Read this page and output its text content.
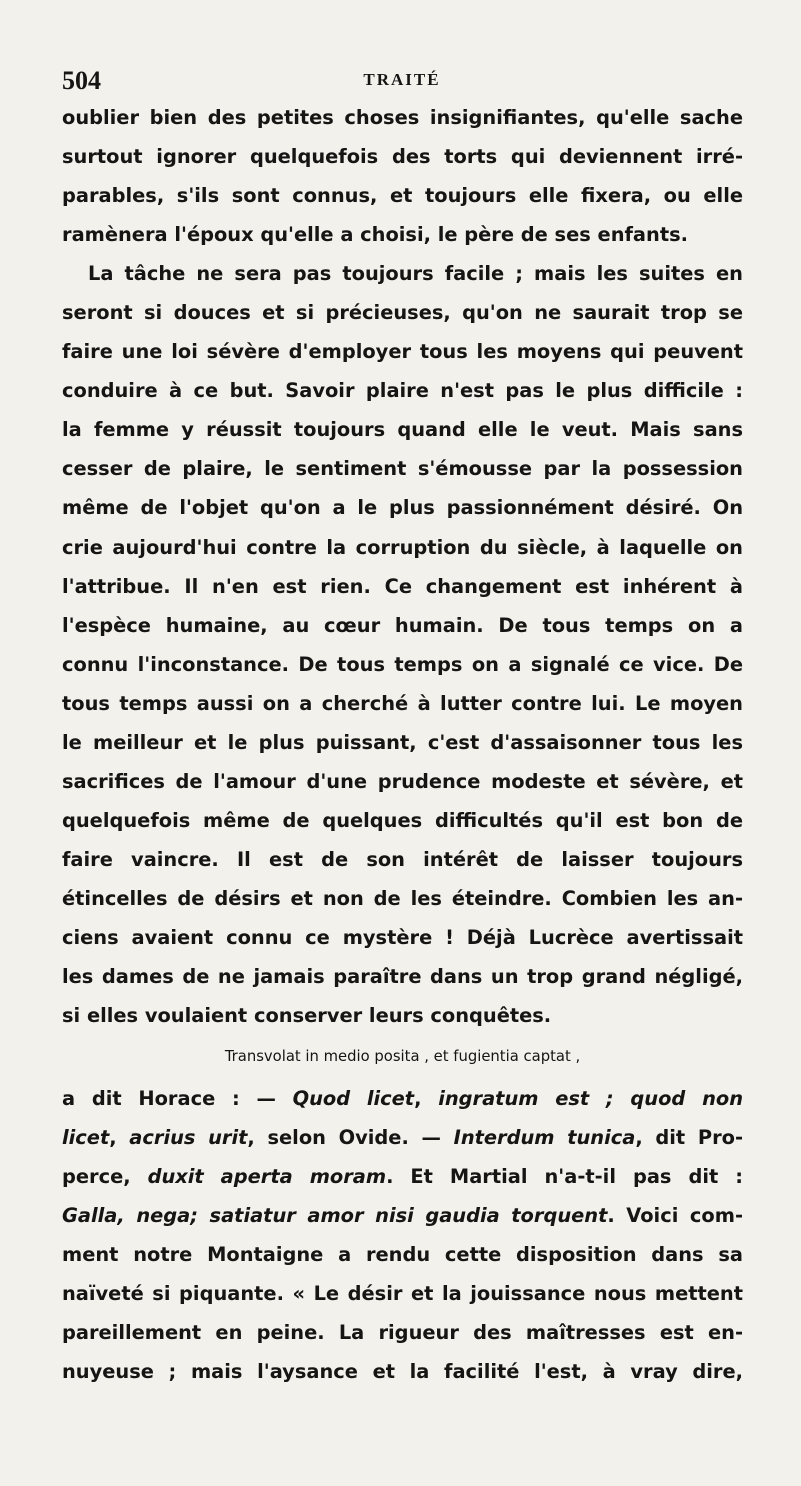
504	TRAITÉ
oublier bien des petites choses insignifiantes, qu'elle sache
surtout ignorer quelquefois des torts qui deviennent irré-
parables, s'ils sont connus, et toujours elle fixera, ou elle
ramènera l'époux qu'elle a choisi, le père de ses enfants.
La tâche ne sera pas toujours facile ; mais les suites en
seront si douces et si précieuses, qu'on ne saurait trop se
faire une loi sévère d'employer tous les moyens qui peuvent
conduire à ce but. Savoir plaire n'est pas le plus difficile :
la femme y réussit toujours quand elle le veut. Mais sans
cesser de plaire, le sentiment s'émousse par la possession
même de l'objet qu'on a le plus passionnément désiré. On
crie aujourd'hui contre la corruption du siècle, à laquelle on
l'attribue. Il n'en est rien. Ce changement est inhérent à
l'espèce humaine, au cœur humain. De tous temps on a
connu l'inconstance. De tous temps on a signalé ce vice. De
tous temps aussi on a cherché à lutter contre lui. Le moyen
le meilleur et le plus puissant, c'est d'assaisonner tous les
sacrifices de l'amour d'une prudence modeste et sévère, et
quelquefois même de quelques difficultés qu'il est bon de
faire vaincre. Il est de son intérêt de laisser toujours
étincelles de désirs et non de les éteindre. Combien les an-
ciens avaient connu ce mystère ! Déjà Lucrèce avertissait
les dames de ne jamais paraître dans un trop grand négligé,
si elles voulaient conserver leurs conquêtes.
Transvolat in medio posita , et fugientia captat ,
a dit Horace : — Quod licet, ingratum est ; quod non
licet, acrius urit, selon Ovide. — Interdum tunica, dit Pro-
perce, duxit aperta moram. Et Martial n'a-t-il pas dit :
Galla, nega; satiatur amor nisi gaudia torquent. Voici com-
ment notre Montaigne a rendu cette disposition dans sa
naïveté si piquante. « Le désir et la jouissance nous mettent
pareillement en peine. La rigueur des maîtresses est en-
nuyeuse ; mais l'aysance et la facilité l'est, à vray dire,
